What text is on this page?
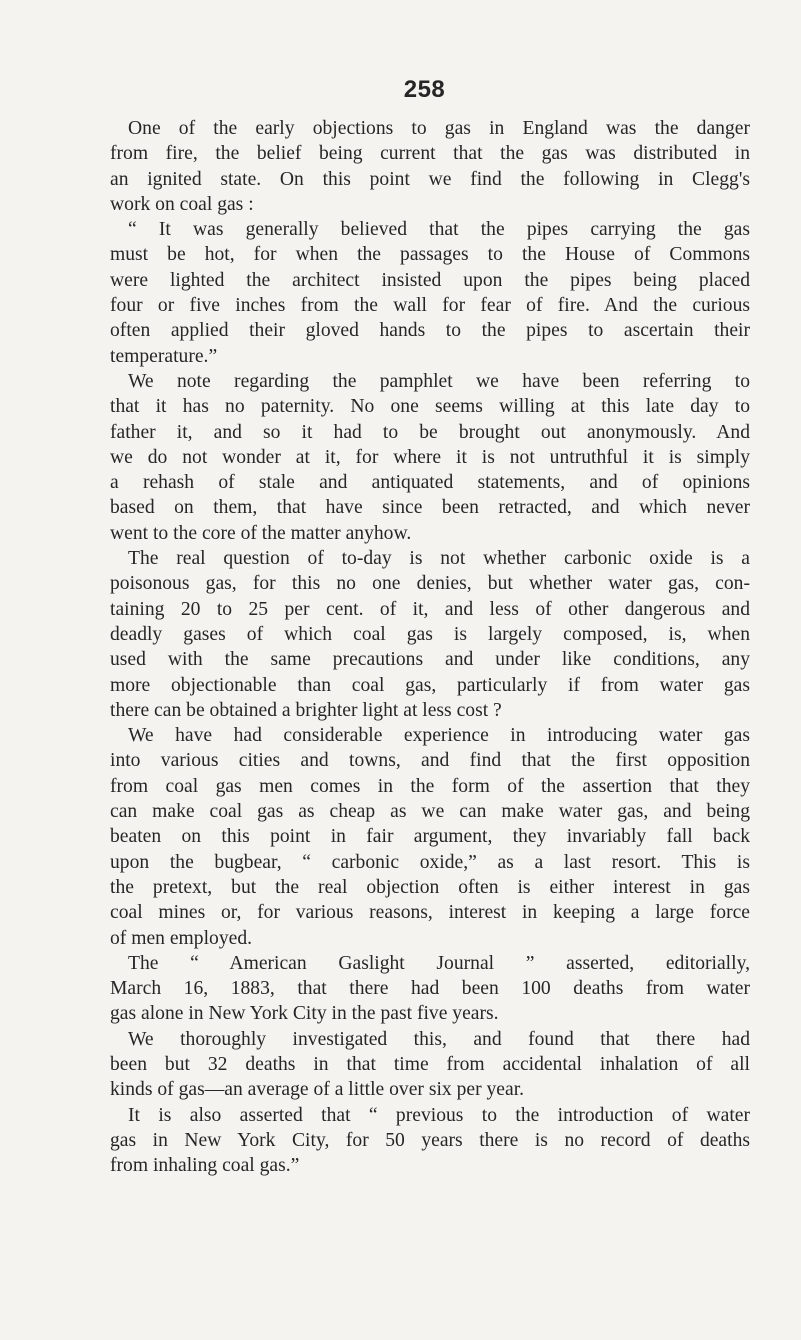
258
One of the early objections to gas in England was the danger
from fire, the belief being current that the gas was distributed in
an ignited state. On this point we find the following in Clegg's
work on coal gas :
“ It was generally believed that the pipes carrying the gas
must be hot, for when the passages to the House of Commons
were lighted the architect insisted upon the pipes being placed
four or five inches from the wall for fear of fire. And the curious
often applied their gloved hands to the pipes to ascertain their
temperature.”
We note regarding the pamphlet we have been referring to
that it has no paternity. No one seems willing at this late day to
father it, and so it had to be brought out anonymously. And
we do not wonder at it, for where it is not untruthful it is simply
a rehash of stale and antiquated statements, and of opinions
based on them, that have since been retracted, and which never
went to the core of the matter anyhow.
The real question of to-day is not whether carbonic oxide is a
poisonous gas, for this no one denies, but whether water gas, con-
taining 20 to 25 per cent. of it, and less of other dangerous and
deadly gases of which coal gas is largely composed, is, when
used with the same precautions and under like conditions, any
more objectionable than coal gas, particularly if from water gas
there can be obtained a brighter light at less cost ?
We have had considerable experience in introducing water gas
into various cities and towns, and find that the first opposition
from coal gas men comes in the form of the assertion that they
can make coal gas as cheap as we can make water gas, and being
beaten on this point in fair argument, they invariably fall back
upon the bugbear, “ carbonic oxide,” as a last resort. This is
the pretext, but the real objection often is either interest in gas
coal mines or, for various reasons, interest in keeping a large force
of men employed.
The “ American Gaslight Journal ” asserted, editorially,
March 16, 1883, that there had been 100 deaths from water
gas alone in New York City in the past five years.
We thoroughly investigated this, and found that there had
been but 32 deaths in that time from accidental inhalation of all
kinds of gas—an average of a little over six per year.
It is also asserted that “ previous to the introduction of water
gas in New York City, for 50 years there is no record of deaths
from inhaling coal gas.”
